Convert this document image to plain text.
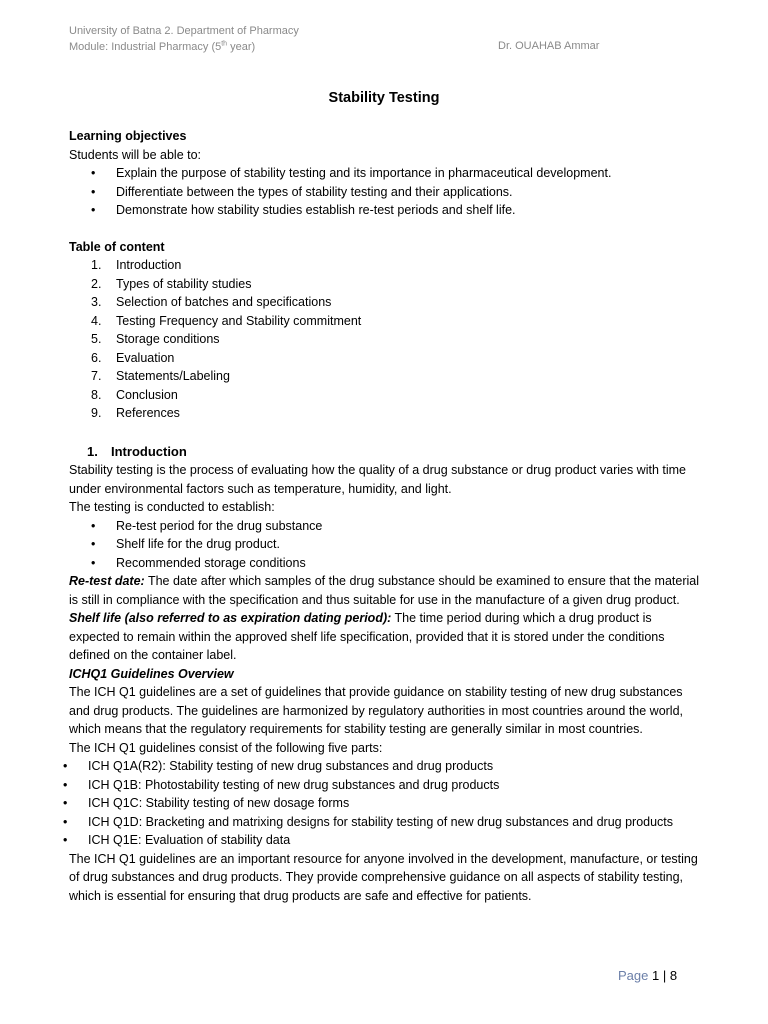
University of Batna 2. Department of Pharmacy
Module: Industrial Pharmacy (5th year)	Dr. OUAHAB Ammar
Stability Testing

Learning objectives

Students will be able to:

• Explain the purpose of stability testing and its importance in pharmaceutical development.
• Differentiate between the types of stability testing and their applications.
• Demonstrate how stability studies establish re-test periods and shelf life.

Table of content

1. Introduction
2. Types of stability studies
3. Selection of batches and specifications
4. Testing Frequency and Stability commitment
5. Storage conditions
6. Evaluation
7. Statements/Labeling
8. Conclusion
9. References

1. Introduction

Stability testing is the process of evaluating how the quality of a drug substance or drug product varies with time under environmental factors such as temperature, humidity, and light.

The testing is conducted to establish:

• Re-test period for the drug substance
• Shelf life for the drug product.
• Recommended storage conditions

Re-test date: The date after which samples of the drug substance should be examined to ensure that the material is still in compliance with the specification and thus suitable for use in the manufacture of a given drug product.

Shelf life (also referred to as expiration dating period): The time period during which a drug product is expected to remain within the approved shelf life specification, provided that it is stored under the conditions defined on the container label.

ICHQ1 Guidelines Overview

The ICH Q1 guidelines are a set of guidelines that provide guidance on stability testing of new drug substances and drug products. The guidelines are harmonized by regulatory authorities in most countries around the world, which means that the regulatory requirements for stability testing are generally similar in most countries.

The ICH Q1 guidelines consist of the following five parts:

• ICH Q1A(R2): Stability testing of new drug substances and drug products
• ICH Q1B: Photostability testing of new drug substances and drug products
• ICH Q1C: Stability testing of new dosage forms
• ICH Q1D: Bracketing and matrixing designs for stability testing of new drug substances and drug products
• ICH Q1E: Evaluation of stability data

The ICH Q1 guidelines are an important resource for anyone involved in the development, manufacture, or testing of drug substances and drug products. They provide comprehensive guidance on all aspects of stability testing, which is essential for ensuring that drug products are safe and effective for patients.

Page 1 | 8
